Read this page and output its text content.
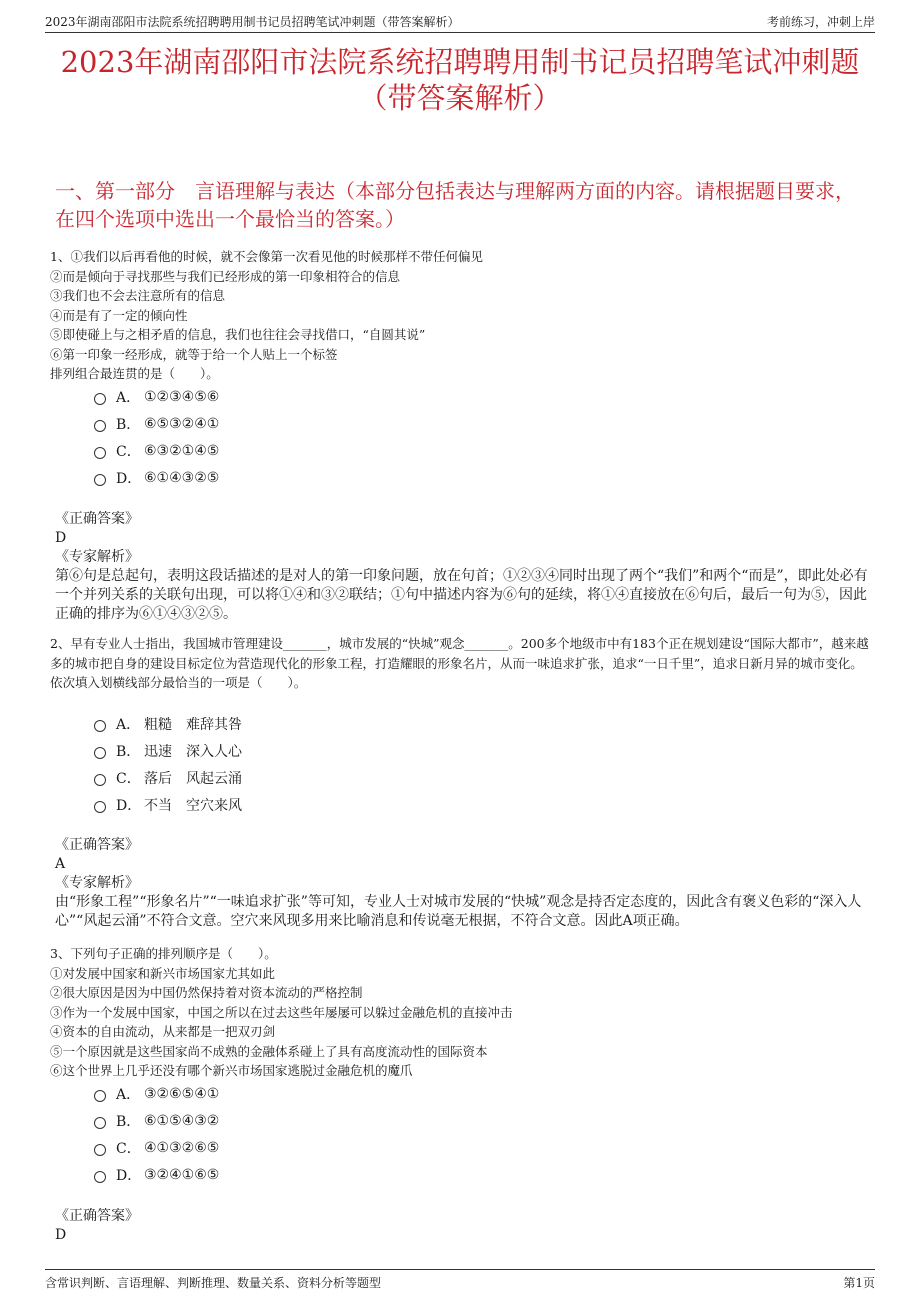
2023年湖南邵阳市法院系统招聘聘用制书记员招聘笔试冲刺题（带答案解析）	考前练习，冲刺上岸
2023年湖南邵阳市法院系统招聘聘用制书记员招聘笔试冲刺题
（带答案解析）
一、第一部分　言语理解与表达（本部分包括表达与理解两方面的内容。请根据题目要求，在四个选项中选出一个最恰当的答案。）

1、①我们以后再看他的时候，就不会像第一次看见他的时候那样不带任何偏见

②而是倾向于寻找那些与我们已经形成的第一印象相符合的信息

③我们也不会去注意所有的信息

④而是有了一定的倾向性

⑤即使碰上与之相矛盾的信息，我们也往往会寻找借口，“自圆其说”

⑥第一印象一经形成，就等于给一个人贴上一个标签

排列组合最连贯的是（　　）。

A． ①②③④⑤⑥
B． ⑥⑤③②④①
C． ⑥③②①④⑤
D． ⑥①④③②⑤

《正确答案》

D

《专家解析》

第⑥句是总起句，表明这段话描述的是对人的第一印象问题，放在句首；①②③④同时出现了两个“我们”和两个“而是”，即此处必有一个并列关系的关联句出现，可以将①④和③②联结；①句中描述内容为⑥句的延续，将①④直接放在⑥句后，最后一句为⑤，因此正确的排序为⑥①④③②⑤。

2、早有专业人士指出，我国城市管理建设_______，城市发展的“快城”观念_______。200多个地级市中有183个正在规划建设“国际大都市”，越来越多的城市把自身的建设目标定位为营造现代化的形象工程，打造耀眼的形象名片，从而一味追求扩张，追求“一日千里”，追求日新月异的城市变化。

依次填入划横线部分最恰当的一项是（　　）。

A． 粗糙　难辞其咎
B． 迅速　深入人心
C． 落后　风起云涌
D． 不当　空穴来风

《正确答案》

A

《专家解析》

由“形象工程”“形象名片”“一味追求扩张”等可知，专业人士对城市发展的“快城”观念是持否定态度的，因此含有褒义色彩的“深入人心”“风起云涌”不符合文意。空穴来风现多用来比喻消息和传说毫无根据，不符合文意。因此A项正确。

3、下列句子正确的排列顺序是（　　）。

①对发展中国家和新兴市场国家尤其如此

②很大原因是因为中国仍然保持着对资本流动的严格控制

③作为一个发展中国家，中国之所以在过去这些年屡屡可以躲过金融危机的直接冲击

④资本的自由流动，从来都是一把双刃剑

⑤一个原因就是这些国家尚不成熟的金融体系碰上了具有高度流动性的国际资本

⑥这个世界上几乎还没有哪个新兴市场国家逃脱过金融危机的魔爪

A． ③②⑥⑤④①
B． ⑥①⑤④③②
C． ④①③②⑥⑤
D． ③②④①⑥⑤

《正确答案》

D

含常识判断、言语理解、判断推理、数量关系、资料分析等题型	第1页
